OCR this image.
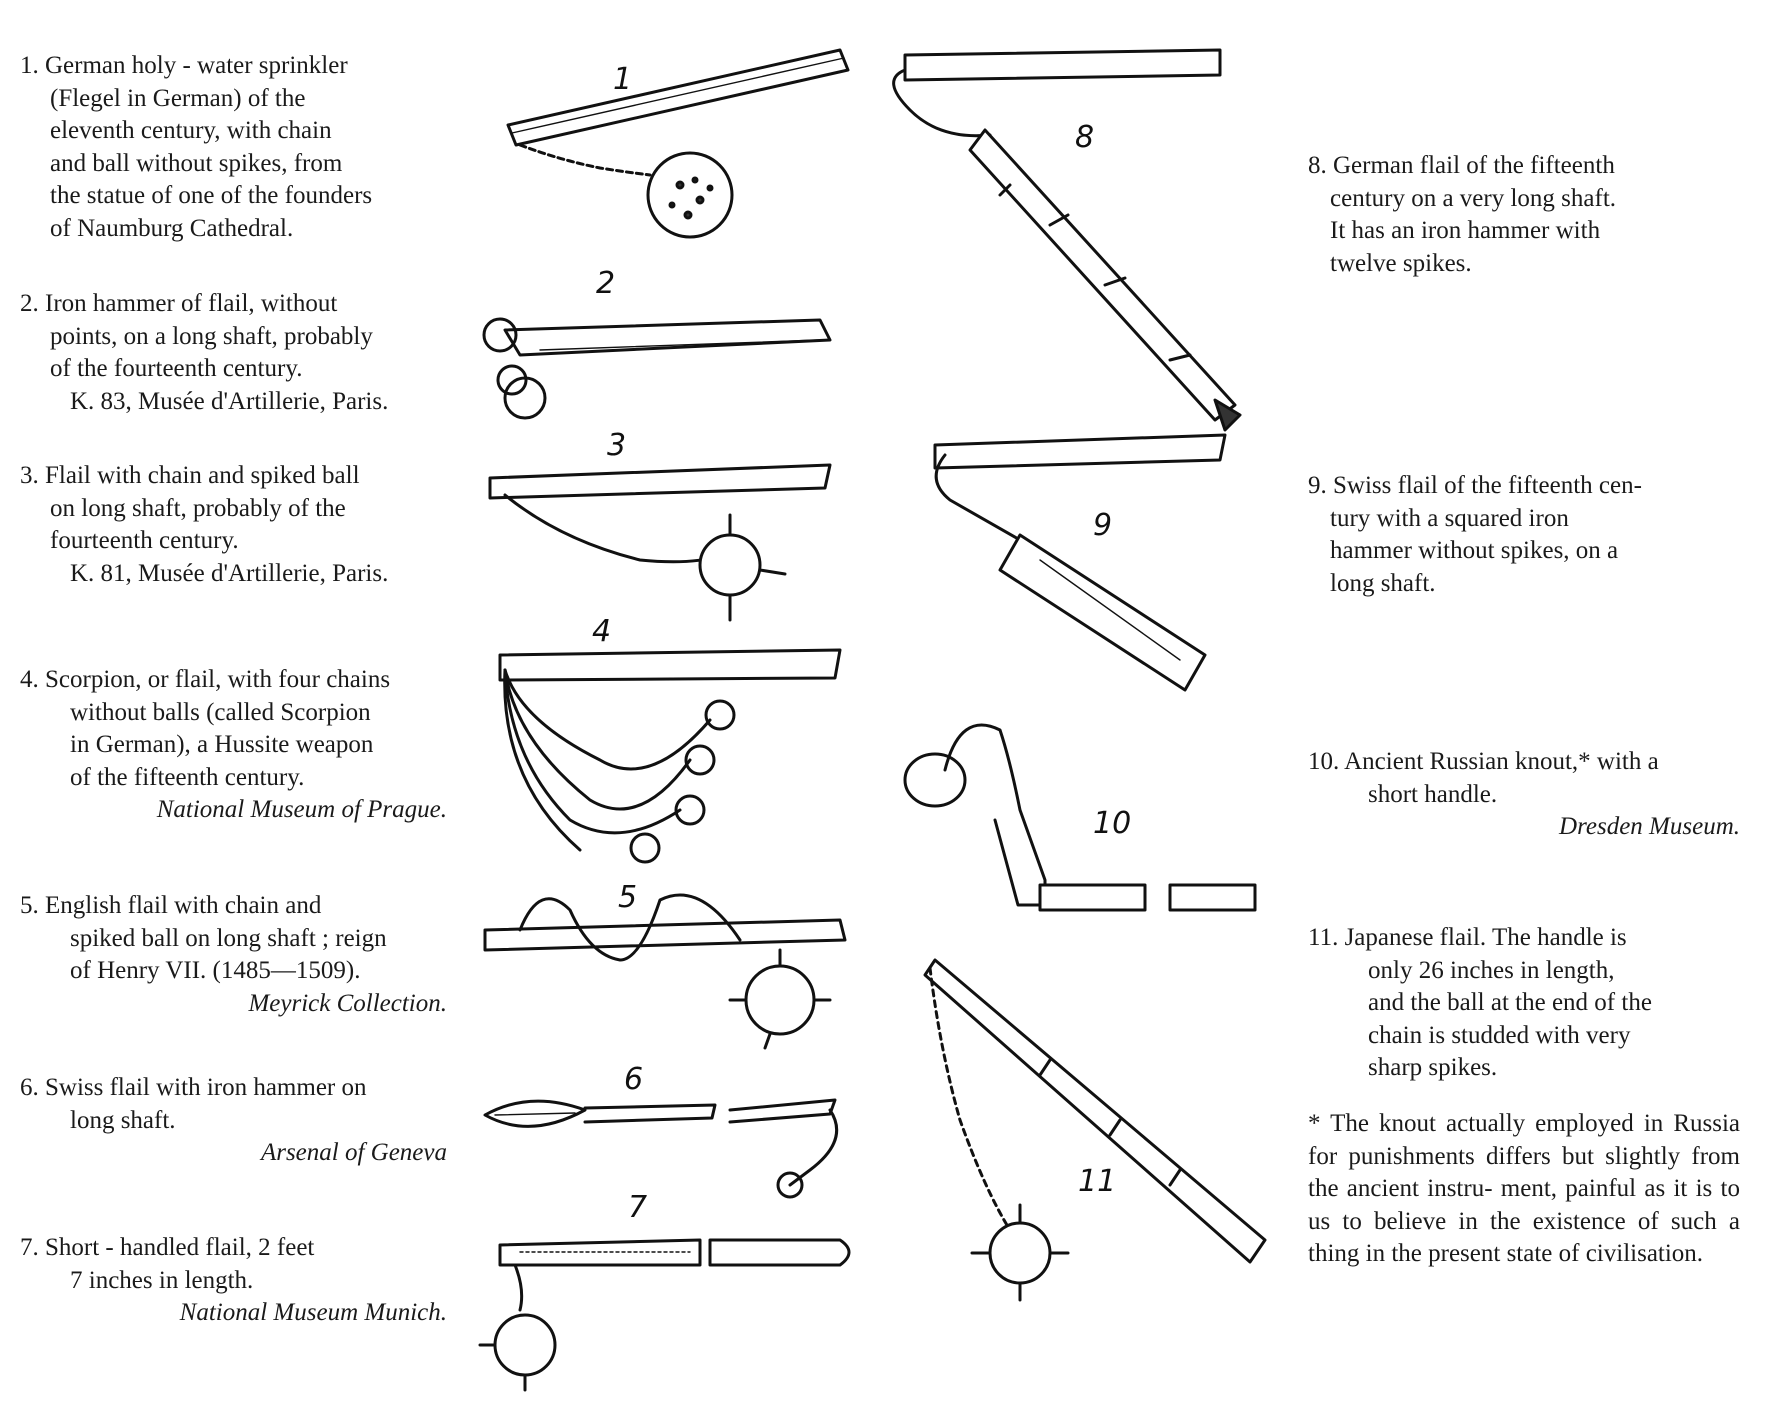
1. German holy - water sprinkler
(Flegel in German) of the
eleventh century, with chain
and ball without spikes, from
the statue of one of the founders
of Naumburg Cathedral.
2. Iron hammer of flail, without
points, on a long shaft, probably
of the fourteenth century.
K. 83, Musée d'Artillerie, Paris.
3. Flail with chain and spiked ball
on long shaft, probably of the
fourteenth century.
K. 81, Musée d'Artillerie, Paris.
4. Scorpion, or flail, with four chains
without balls (called Scorpion
in German), a Hussite weapon
of the fifteenth century.
National Museum of Prague.
5. English flail with chain and
spiked ball on long shaft ; reign
of Henry VII. (1485—1509).
Meyrick Collection.
6. Swiss flail with iron hammer on
long shaft.
Arsenal of Geneva
7. Short - handled flail, 2 feet
7 inches in length.
National Museum Munich.
8. German flail of the fifteenth
century on a very long shaft.
It has an iron hammer with
twelve spikes.
9. Swiss flail of the fifteenth cen-
tury with a squared iron
hammer without spikes, on a
long shaft.
10. Ancient Russian knout,* with a
short handle.
Dresden Museum.
11. Japanese flail. The handle is
only 26 inches in length,
and the ball at the end of the
chain is studded with very
sharp spikes.
* The knout actually employed in Russia for punishments differs but slightly from the ancient instru- ment, painful as it is to us to believe in the existence of such a thing in the present state of civilisation.
1
2
3
4
5
6
7
8
9
10
11
